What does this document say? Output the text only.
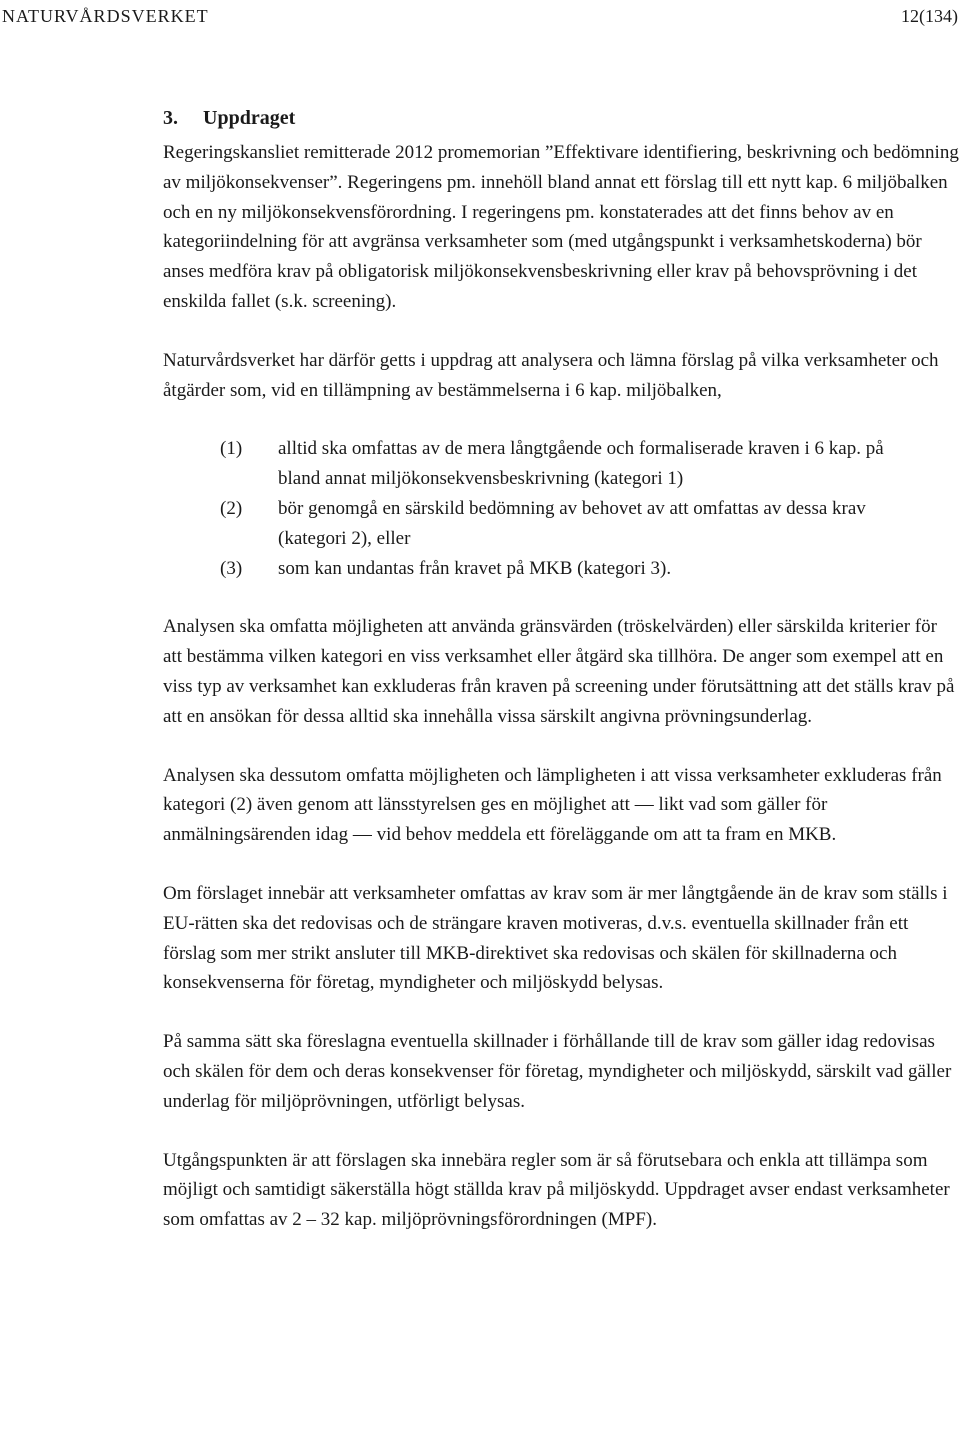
NATURVÅRDSVERKET	12(134)
3. Uppdraget

Regeringskansliet remitterade 2012 promemorian ”Effektivare identifiering, beskrivning och bedömning av miljökonsekvenser”. Regeringens pm. innehöll bland annat ett förslag till ett nytt kap. 6 miljöbalken och en ny miljökonsekvensförordning. I regeringens pm. konstaterades att det finns behov av en kategoriindelning för att avgränsa verksamheter som (med utgångspunkt i verksamhetskoderna) bör anses medföra krav på obligatorisk miljökonsekvensbeskrivning eller krav på behovsprövning i det enskilda fallet (s.k. screening).

Naturvårdsverket har därför getts i uppdrag att analysera och lämna förslag på vilka verksamheter och åtgärder som, vid en tillämpning av bestämmelserna i 6 kap. miljöbalken,

(1)	alltid ska omfattas av de mera långtgående och formaliserade kraven i 6 kap. på bland annat miljökonsekvensbeskrivning (kategori 1)
(2)	bör genomgå en särskild bedömning av behovet av att omfattas av dessa krav (kategori 2), eller
(3)	som kan undantas från kravet på MKB (kategori 3).

Analysen ska omfatta möjligheten att använda gränsvärden (tröskelvärden) eller särskilda kriterier för att bestämma vilken kategori en viss verksamhet eller åtgärd ska tillhöra. De anger som exempel att en viss typ av verksamhet kan exkluderas från kraven på screening under förutsättning att det ställs krav på att en ansökan för dessa alltid ska innehålla vissa särskilt angivna prövningsunderlag.

Analysen ska dessutom omfatta möjligheten och lämpligheten i att vissa verksamheter exkluderas från kategori (2) även genom att länsstyrelsen ges en möjlighet att — likt vad som gäller för anmälningsärenden idag — vid behov meddela ett föreläggande om att ta fram en MKB.

Om förslaget innebär att verksamheter omfattas av krav som är mer långtgående än de krav som ställs i EU-rätten ska det redovisas och de strängare kraven motiveras, d.v.s. eventuella skillnader från ett förslag som mer strikt ansluter till MKB-direktivet ska redovisas och skälen för skillnaderna och konsekvenserna för företag, myndigheter och miljöskydd belysas.

På samma sätt ska föreslagna eventuella skillnader i förhållande till de krav som gäller idag redovisas och skälen för dem och deras konsekvenser för företag, myndigheter och miljöskydd, särskilt vad gäller underlag för miljöprövningen, utförligt belysas.

Utgångspunkten är att förslagen ska innebära regler som är så förutsebara och enkla att tillämpa som möjligt och samtidigt säkerställa högt ställda krav på miljöskydd. Uppdraget avser endast verksamheter som omfattas av 2 – 32 kap. miljöprövningsförordningen (MPF).
